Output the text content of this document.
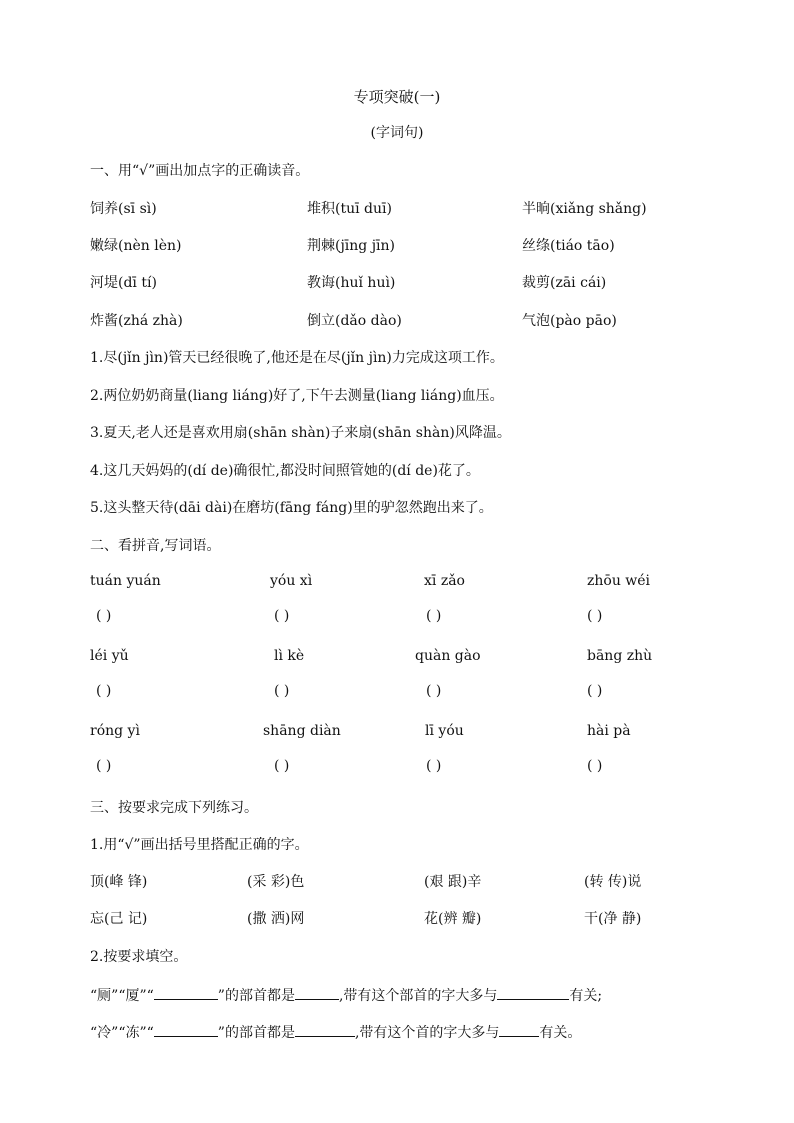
专项突破(一)
(字词句)
一、用“√”画出加点字的正确读音。
饲养(sī sì)	堆积(tuī duī)	半晌(xiǎng shǎng)
嫩绿(nèn lèn)	荆棘(jīng jīn)	丝绦(tiáo tāo)
河堤(dī tí)	教诲(huǐ huì)	裁剪(zāi cái)
炸酱(zhá zhà)	倒立(dǎo dào)	气泡(pào pāo)
1.尽(jǐn jìn)管天已经很晚了,他还是在尽(jǐn jìn)力完成这项工作。
2.两位奶奶商量(liang liáng)好了,下午去测量(liang liáng)血压。
3.夏天,老人还是喜欢用扇(shān shàn)子来扇(shān shàn)风降温。
4.这几天妈妈的(dí de)确很忙,都没时间照管她的(dí de)花了。
5.这头整天待(dāi dài)在磨坊(fāng fáng)里的驴忽然跑出来了。
二、看拼音,写词语。
tuán yuán	yóu xì	xī zǎo	zhōu wéi
( )	( )	( )	( )
léi yǔ	lì kè	quàn gào	bāng zhù
( )	( )	( )	( )
róng yì	shāng diàn	lī yóu	hài pà
( )	( )	( )	( )
三、按要求完成下列练习。
1.用“√”画出括号里搭配正确的字。
顶(峰 锋)	(采 彩)色	(艰 跟)辛	(转 传)说
忘(己 记)	(撒 洒)网	花(辨 瓣)	干(净 静)
2.按要求填空。
“厕”“厦”“	”的部首都是	,带有这个部首的字大多与	有关;
“冷”“冻”“	”的部首都是	,带有这个首的字大多与	有关。
